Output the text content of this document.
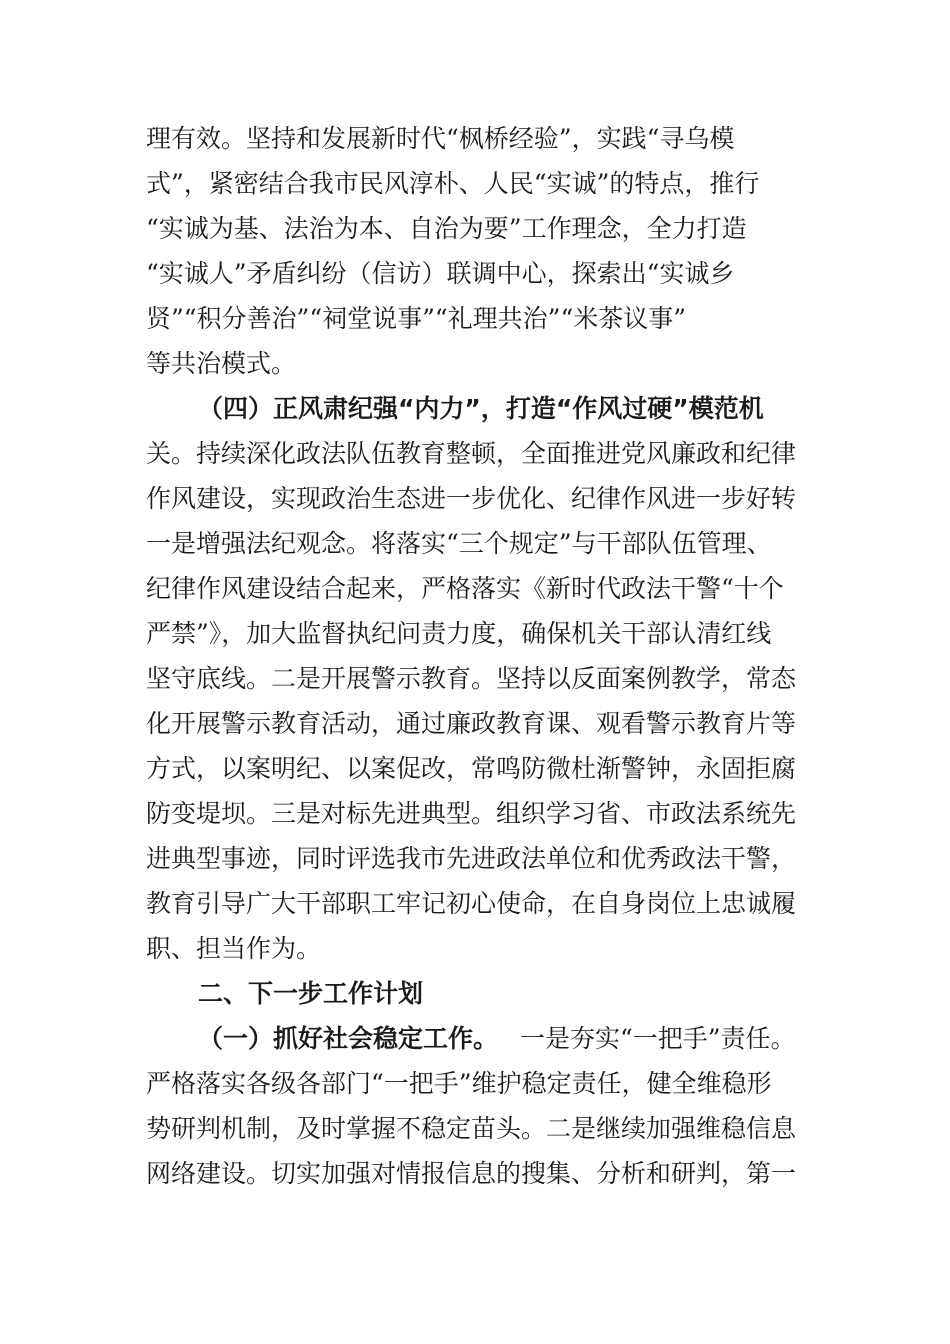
理有效。坚持和发展新时代“枫桥经验”，实践“寻乌模
式”，紧密结合我市民风淳朴、人民“实诚”的特点，推行
“实诚为基、法治为本、自治为要”工作理念，全力打造
“实诚人”矛盾纠纷（信访）联调中心，探索出“实诚乡
贤”“积分善治”“祠堂说事”“礼理共治”“米茶议事”
等共治模式。
（四）正风肃纪强“内力”，打造“作风过硬”模范机
关。持续深化政法队伍教育整顿，全面推进党风廉政和纪律
作风建设，实现政治生态进一步优化、纪律作风进一步好转
一是增强法纪观念。将落实“三个规定”与干部队伍管理、
纪律作风建设结合起来，严格落实《新时代政法干警“十个
严禁”》，加大监督执纪问责力度，确保机关干部认清红线
坚守底线。二是开展警示教育。坚持以反面案例教学，常态
化开展警示教育活动，通过廉政教育课、观看警示教育片等
方式，以案明纪、以案促改，常鸣防微杜渐警钟，永固拒腐
防变堤坝。三是对标先进典型。组织学习省、市政法系统先
进典型事迹，同时评选我市先进政法单位和优秀政法干警，
教育引导广大干部职工牢记初心使命，在自身岗位上忠诚履
职、担当作为。
二、下一步工作计划
（一）抓好社会稳定工作。 一是夯实“一把手”责任。
严格落实各级各部门“一把手”维护稳定责任，健全维稳形
势研判机制，及时掌握不稳定苗头。二是继续加强维稳信息
网络建设。切实加强对情报信息的搜集、分析和研判，第一
